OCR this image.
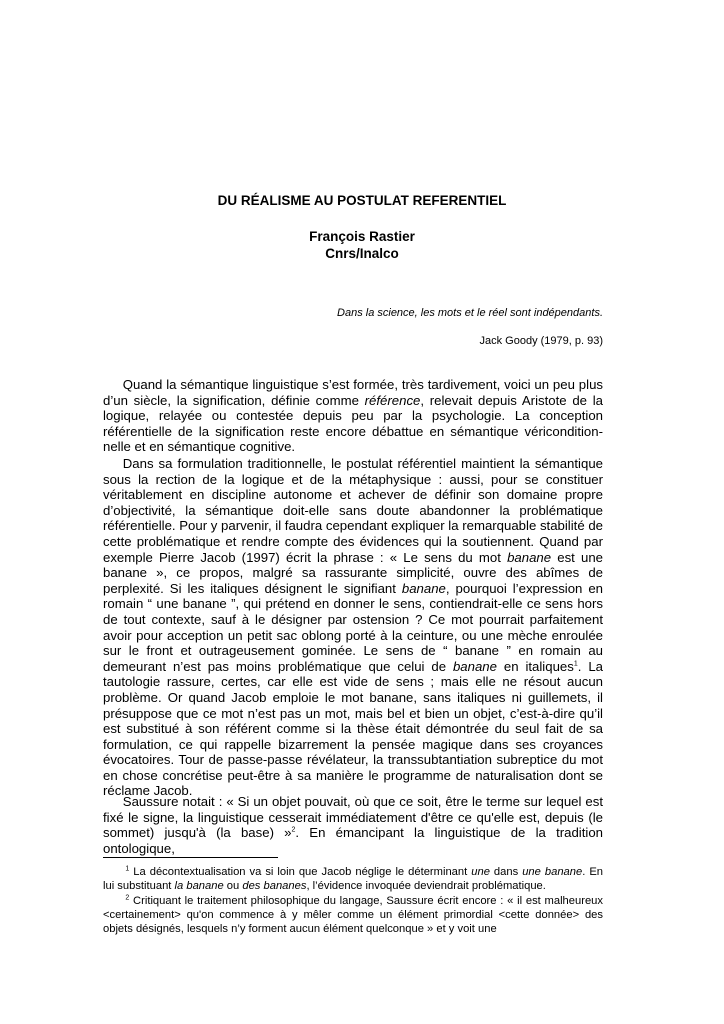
DU RÉALISME AU POSTULAT REFERENTIEL
François Rastier
Cnrs/Inalco
Dans la science, les mots et le réel sont indépendants.
Jack Goody (1979, p. 93)

   Quand la sémantique linguistique s’est formée, très tardivement, voici un peu plus d’un siècle, la signification, définie comme référence, relevait depuis Aristote de la logique, relayée ou contestée depuis peu par la psychologie. La conception référentielle de la signification reste encore débattue en sémantique vériconditionnelle et en sémantique cognitive.

   Dans sa formulation traditionnelle, le postulat référentiel maintient la sémantique sous la rection de la logique et de la métaphysique : aussi, pour se constituer véritablement en discipline autonome et achever de définir son domaine propre d’objectivité, la sémantique doit-elle sans doute abandonner la problématique référentielle. Pour y parvenir, il faudra cependant expliquer la remarquable stabilité de cette problématique et rendre compte des évidences qui la soutiennent. Quand par exemple Pierre Jacob (1997) écrit la phrase : « Le sens du mot banane est une banane », ce propos, malgré sa rassurante simplicité, ouvre des abîmes de perplexité. Si les italiques désignent le signifiant banane, pourquoi l’expression en romain “ une banane ”, qui prétend en donner le sens, contiendrait-elle ce sens hors de tout contexte, sauf à le désigner par ostension ? Ce mot pourrait parfaitement avoir pour acception un petit sac oblong porté à la ceinture, ou une mèche enroulée sur le front et outrageusement gominée. Le sens de “ banane ” en romain au demeurant n’est pas moins problématique que celui de banane en italiques$^1$. La tautologie rassure, certes, car elle est vide de sens ; mais elle ne résout aucun problème. Or quand Jacob emploie le mot banane, sans italiques ni guillemets, il présuppose que ce mot n’est pas un mot, mais bel et bien un objet, c’est-à-dire qu’il est substitué à son référent comme si la thèse était démontrée du seul fait de sa formulation, ce qui rappelle bizarrement la pensée magique dans ses croyances évocatoires. Tour de passe-passe révélateur, la transsubtantiation subreptice du mot en chose concrétise peut-être à sa manière le programme de naturalisation dont se réclame Jacob.

   Saussure notait : « Si un objet pouvait, où que ce soit, être le terme sur lequel est fixé le signe, la linguistique cesserait immédiatement d'être ce qu'elle est, depuis (le sommet) jusqu'à (la base) »$^2$. En émancipant la linguistique de la tradition ontologique,

    $^1$ La décontextualisation va si loin que Jacob néglige le déterminant une dans une banane. En lui substituant la banane ou des bananes, l’évidence invoquée deviendrait problématique.

    $^2$ Critiquant le traitement philosophique du langage, Saussure écrit encore : « il est malheureux <certainement> qu'on commence à y mêler comme un élément primordial <cette donnée> des objets désignés, lesquels n’y forment aucun élément quelconque » et y voit une
